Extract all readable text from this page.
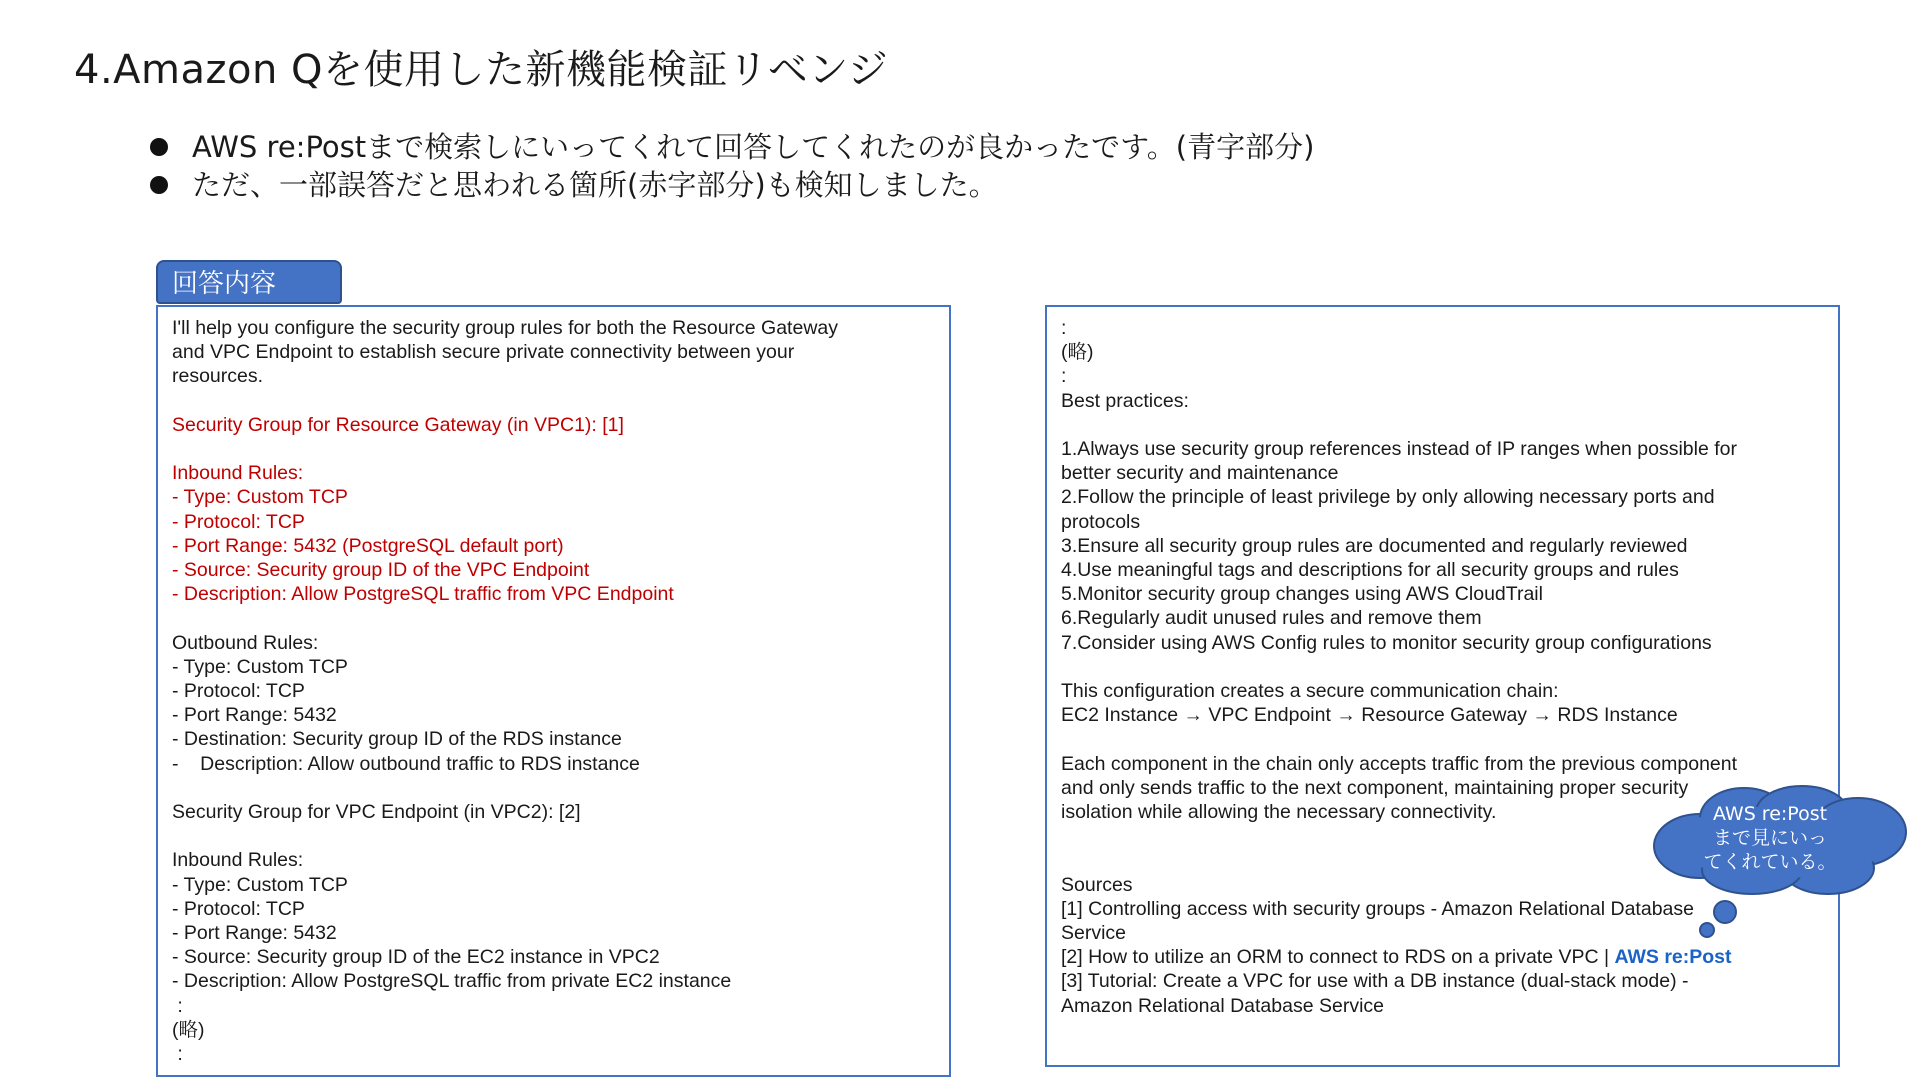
4.Amazon Qを使用した新機能検証リベンジ
AWS re:Postまで検索しにいってくれて回答してくれたのが良かったです。(青字部分)
ただ、一部誤答だと思われる箇所(赤字部分)も検知しました。
回答内容
I'll help you configure the security group rules for both the Resource Gateway
and VPC Endpoint to establish secure private connectivity between your
resources.
Security Group for Resource Gateway (in VPC1): [1]
Inbound Rules:
- Type: Custom TCP
- Protocol: TCP
- Port Range: 5432 (PostgreSQL default port)
- Source: Security group ID of the VPC Endpoint
- Description: Allow PostgreSQL traffic from VPC Endpoint
Outbound Rules:
- Type: Custom TCP
- Protocol: TCP
- Port Range: 5432
- Destination: Security group ID of the RDS instance
-    Description: Allow outbound traffic to RDS instance
Security Group for VPC Endpoint (in VPC2): [2]
Inbound Rules:
- Type: Custom TCP
- Protocol: TCP
- Port Range: 5432
- Source: Security group ID of the EC2 instance in VPC2
- Description: Allow PostgreSQL traffic from private EC2 instance
:
(略)
:
:
(略)
:
Best practices:
1.Always use security group references instead of IP ranges when possible for
better security and maintenance
2.Follow the principle of least privilege by only allowing necessary ports and
protocols
3.Ensure all security group rules are documented and regularly reviewed
4.Use meaningful tags and descriptions for all security groups and rules
5.Monitor security group changes using AWS CloudTrail
6.Regularly audit unused rules and remove them
7.Consider using AWS Config rules to monitor security group configurations
This configuration creates a secure communication chain:
EC2 Instance → VPC Endpoint → Resource Gateway → RDS Instance
Each component in the chain only accepts traffic from the previous component
and only sends traffic to the next component, maintaining proper security
isolation while allowing the necessary connectivity.
Sources
[1] Controlling access with security groups - Amazon Relational Database
Service
[2] How to utilize an ORM to connect to RDS on a private VPC | AWS re:Post
[3] Tutorial: Create a VPC for use with a DB instance (dual-stack mode) -
Amazon Relational Database Service
AWS re:Post
まで見にいっ
てくれている。
